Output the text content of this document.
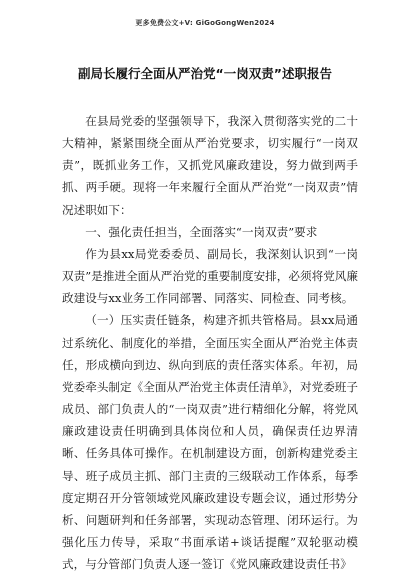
更多免费公文+V: GiGoGongWen2024
副局长履行全面从严治党“一岗双责”述职报告

在县局党委的坚强领导下，我深入贯彻落实党的二十大精神，紧紧围绕全面从严治党要求，切实履行“一岗双责”，既抓业务工作，又抓党风廉政建设，努力做到两手抓、两手硬。现将一年来履行全面从严治党“一岗双责”情况述职如下：

一、强化责任担当，全面落实“一岗双责”要求

作为县xx局党委委员、副局长，我深刻认识到“一岗双责”是推进全面从严治党的重要制度安排，必须将党风廉政建设与xx业务工作同部署、同落实、同检查、同考核。

（一）压实责任链条，构建齐抓共管格局。县xx局通过系统化、制度化的举措，全面压实全面从严治党主体责任，形成横向到边、纵向到底的责任落实体系。年初，局党委牵头制定《全面从严治党主体责任清单》，对党委班子成员、部门负责人的“一岗双责”进行精细化分解，将党风廉政建设责任明确到具体岗位和人员，确保责任边界清晰、任务具体可操作。在机制建设方面，创新构建党委主导、班子成员主抓、部门主责的三级联动工作体系，每季度定期召开分管领域党风廉政建设专题会议，通过形势分析、问题研判和任务部署，实现动态管理、闭环运行。为强化压力传导，采取“书面承诺+谈话提醒”双轮驱动模式，与分管部门负责人逐一签订《党风廉政建设责任书》
